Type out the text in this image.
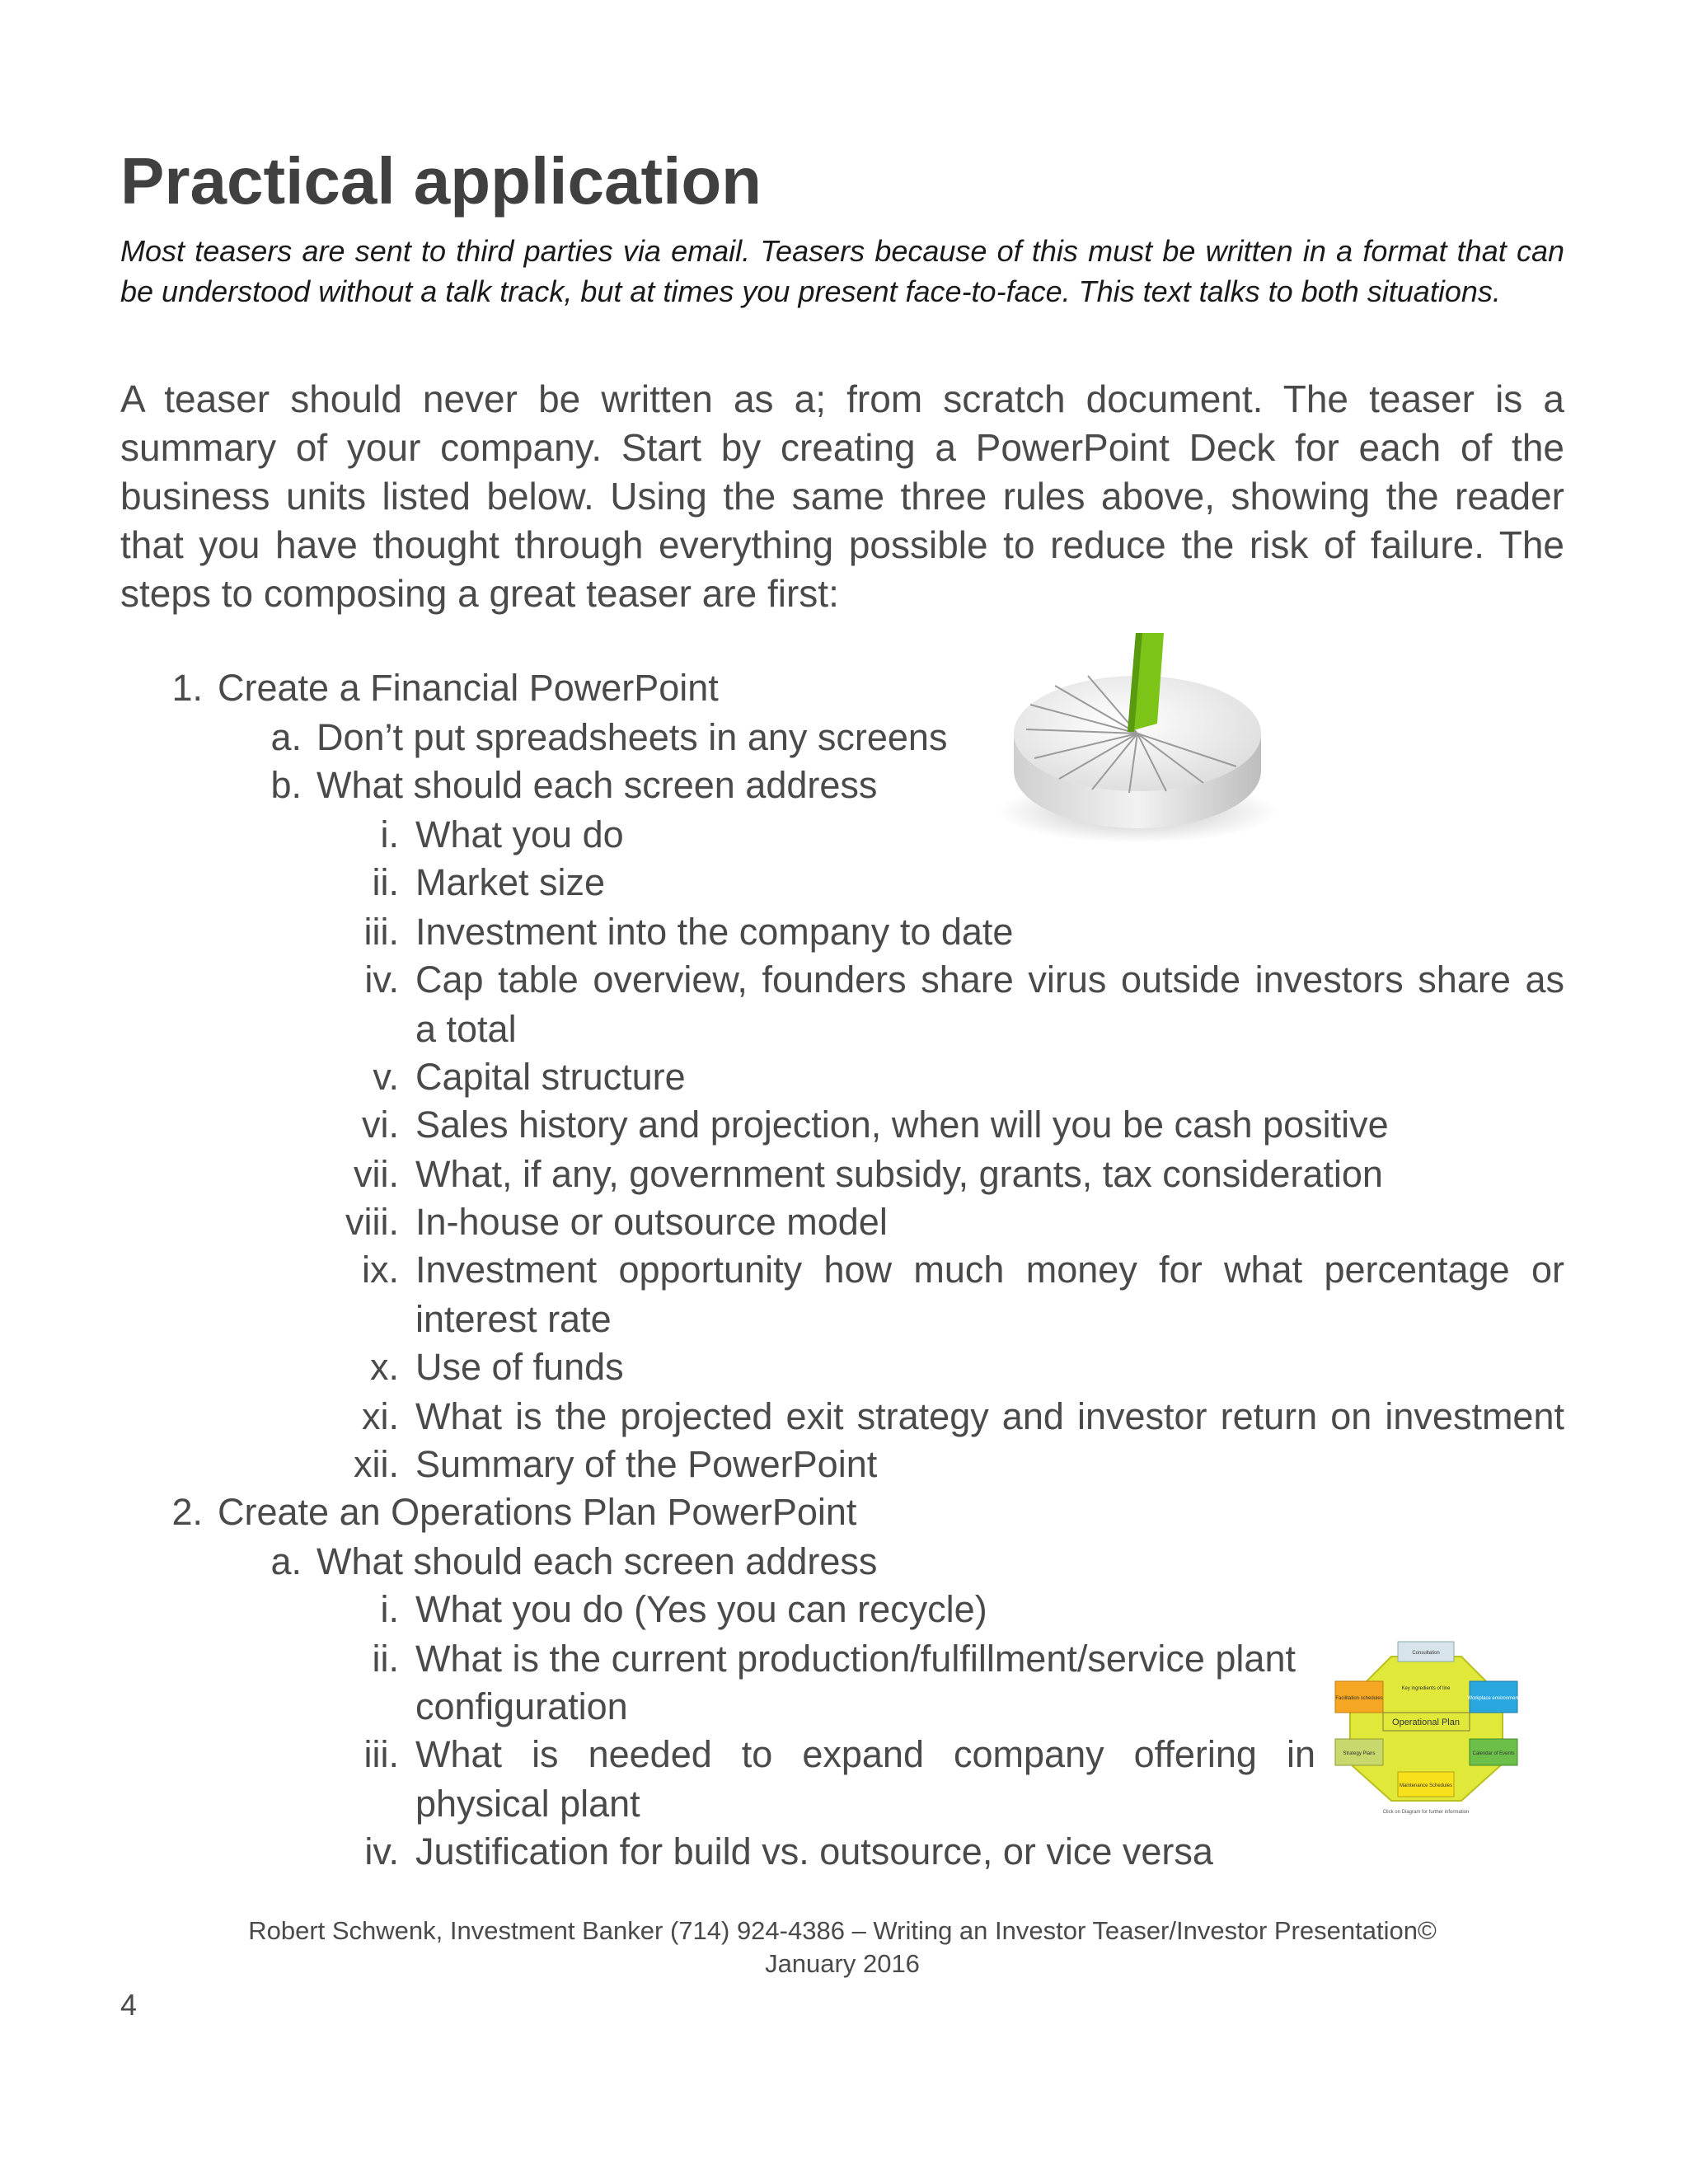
Practical application

Most teasers are sent to third parties via email. Teasers because of this must be written in a format that can be understood without a talk track, but at times you present face-to-face. This text talks to both situations.

A teaser should never be written as a; from scratch document. The teaser is a summary of your company. Start by creating a PowerPoint Deck for each of the business units listed below. Using the same three rules above, showing the reader that you have thought through everything possible to reduce the risk of failure. The steps to composing a great teaser are first:

1. Create a Financial PowerPoint
a. Don’t put spreadsheets in any screens
b. What should each screen address
i. What you do
ii. Market size
iii. Investment into the company to date
iv. Cap table overview, founders share virus outside investors share as
a total
v. Capital structure
vi. Sales history and projection, when will you be cash positive
vii. What, if any, government subsidy, grants, tax consideration
viii. In-house or outsource model
ix. Investment opportunity how much money for what percentage or
interest rate
x. Use of funds
xi. What is the projected exit strategy and investor return on investment
xii. Summary of the PowerPoint
2. Create an Operations Plan PowerPoint
a. What should each screen address
i. What you do (Yes you can recycle)
ii. What is the current production/fulfillment/service plant
configuration
iii. What is needed to expand company offering in
physical plant
iv. Justification for build vs. outsource, or vice versa
Operational Plan
Consultation
Facilitation schedules	Workplace environment
Strategy Plans	Calendar of Events
Maintenance Schedules
Key ingredients of line
Click on Diagram for further information
Robert Schwenk, Investment Banker (714) 924-4386 – Writing an Investor Teaser/Investor Presentation©
January 2016
4
